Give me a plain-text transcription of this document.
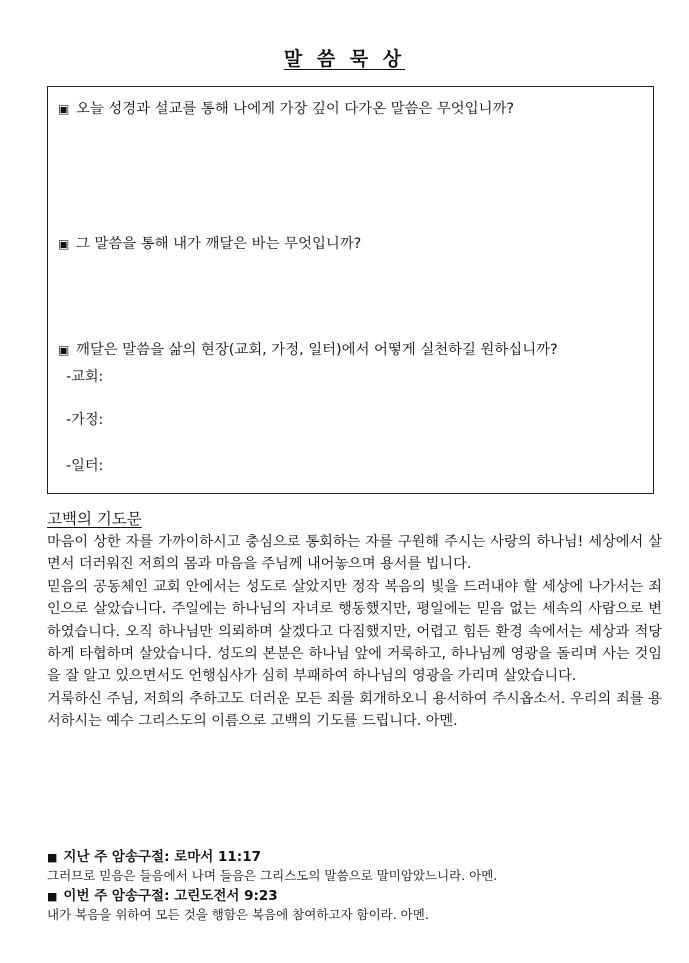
말 씀 묵 상
▣ 오늘 성경과 설교를 통해 나에게 가장 깊이 다가온 말씀은 무엇입니까?
▣ 그 말씀을 통해 내가 깨달은 바는 무엇입니까?
▣ 깨달은 말씀을 삶의 현장(교회, 가정, 일터)에서 어떻게 실천하길 원하십니까?
-교회:
-가정:
-일터:
고백의 기도문

마음이 상한 자를 가까이하시고 충심으로 통회하는 자를 구원해 주시는 사랑의 하나님! 세상에서 살면서 더러워진 저희의 몸과 마음을 주님께 내어놓으며 용서를 빕니다.

믿음의 공동체인 교회 안에서는 성도로 살았지만 정작 복음의 빛을 드러내야 할 세상에 나가서는 죄인으로 살았습니다. 주일에는 하나님의 자녀로 행동했지만, 평일에는 믿음 없는 세속의 사람으로 변하였습니다. 오직 하나님만 의뢰하며 살겠다고 다짐했지만, 어렵고 힘든 환경 속에서는 세상과 적당하게 타협하며 살았습니다. 성도의 본분은 하나님 앞에 거룩하고, 하나님께 영광을 돌리며 사는 것임을 잘 알고 있으면서도 언행심사가 심히 부패하여 하나님의 영광을 가리며 살았습니다.

거룩하신 주님, 저희의 추하고도 더러운 모든 죄를 회개하오니 용서하여 주시옵소서. 우리의 죄를 용서하시는 예수 그리스도의 이름으로 고백의 기도를 드립니다. 아멘.

■ 지난 주 암송구절: 로마서 11:17
그러므로 믿음은 들음에서 나며 들음은 그리스도의 말씀으로 말미암았느니라. 아멘.
■ 이번 주 암송구절: 고린도전서 9:23
내가 복음을 위하여 모든 것을 행함은 복음에 참여하고자 함이라. 아멘.
